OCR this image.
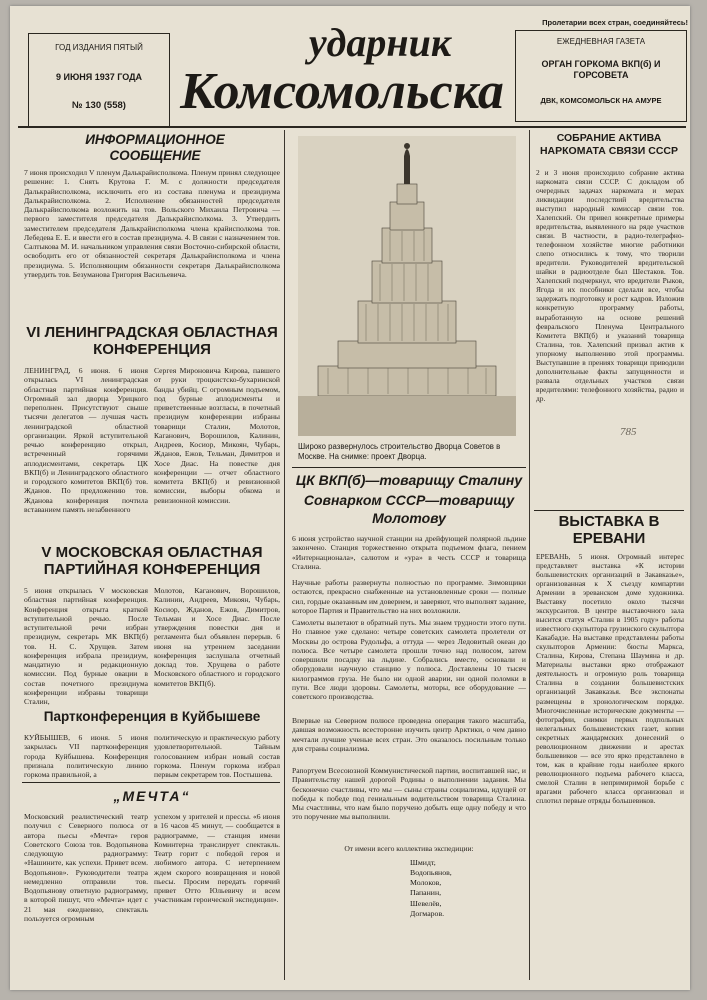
Пролетарии всех стран, соединяйтесь!
ГОД ИЗДАНИЯ ПЯТЫЙ
9 ИЮНЯ 1937 ГОДА
№ 130 (558)
ударник
Комсомольска
ЕЖЕДНЕВНАЯ ГАЗЕТА
ОРГАН ГОРКОМА ВКП(б) И ГОРСОВЕТА
ДВК, КОМСОМОЛЬСК НА АМУРЕ
ИНФОРМАЦИОННОЕ СООБЩЕНИЕ
7 июня происходил V пленум Далькрайисполкома. Пленум принял следующее решение: 1. Снять Крутова Г. М. с должности председателя Далькрайисполкома, исключить его из состава пленума и президиума Далькрайисполкома. 2. Исполнение обязанностей председателя Далькрайисполкома возложить на тов. Вольского Михаила Петровича — первого заместителя председателя Далькрайисполкома. 3. Утвердить заместителем председателя Далькрайисполкома члена крайисполкома тов. Лебедева Е. Е. и ввести его в состав президиума. 4. В связи с назначением тов. Салтыкова М. И. начальником управления связи Восточно-сибирской области, освободить его от обязанностей секретаря Далькрайисполкома и члена президиума. 5. Исполняющим обязанности секретаря Далькрайисполкома утвердить тов. Безуманова Григория Васильевича.
VI ЛЕНИНГРАДСКАЯ ОБЛАСТНАЯ КОНФЕРЕНЦИЯ
ЛЕНИНГРАД, 6 июня. 6 июня открылась VI ленинградская областная партийная конференция. Огромный зал дворца Урицкого переполнен. Присутствуют свыше тысячи делегатов — лучшая часть ленинградской областной организации. Яркой вступительной речью конференцию открыл, встреченный горячими аплодисментами, секретарь ЦК ВКП(б) и Ленинградского областного и городского комитетов ВКП(б) тов. Жданов. По предложению тов. Жданова конференция почтила вставанием память незабвенного
Сергея Мироновича Кирова, павшего от руки троцкистско-бухаринской банды убийц. С огромным подъемом, под бурные аплодисменты и приветственные возгласы, в почетный президиум конференции избраны товарищи Сталин, Молотов, Каганович, Ворошилов, Калинин, Андреев, Косиор, Микоян, Чубарь, Жданов, Ежов, Тельман, Димитров и Хосе Диас. На повестке дня конференции — отчет областного комитета ВКП(б) и ревизионной комиссии, выборы обкома и ревизионной комиссии.
V МОСКОВСКАЯ ОБЛАСТНАЯ ПАРТИЙНАЯ КОНФЕРЕНЦИЯ
5 июня открылась V московская областная партийная конференция. Конференция открыта краткой вступительной речью. После вступительной речи избран президиум, секретарь МК ВКП(б) тов. Н. С. Хрущев. Затем конференция избрала президиум, мандатную и редакционную комиссии. Под бурные овации в состав почетного президиума конференции избраны товарищи Сталин,
Молотов, Каганович, Ворошилов, Калинин, Андреев, Микоян, Чубарь, Косиор, Жданов, Ежов, Димитров, Тельман и Хосе Диас. После утверждения повестки дня и регламента был объявлен перерыв. 6 июня на утреннем заседании конференция заслушала отчетный доклад тов. Хрущева о работе Московского областного и городского комитетов ВКП(б).
Партконференция в Куйбышеве
КУЙБЫШЕВ, 6 июня. 5 июня закрылась VII партконференция города Куйбышева. Конференция признала политическую линию горкома правильной, а
политическую и практическую работу удовлетворительной. Тайным голосованием избран новый состав горкома. Пленум горкома избрал первым секретарем тов. Постышева.
„МЕЧТА“
Московский реалистический театр получил с Северного полюса от автора пьесы «Мечта» героя Советского Союза тов. Водопьянова следующую радиограмму: «Нашините, как успехи. Привет всем. Водопьянов». Руководители театра немедленно отправили тов. Водопьянову ответную радиограмму, в которой пишут, что «Мечта» идет с 21 мая ежедневно, спектакль пользуется огромным
успехом у зрителей и прессы. «6 июня в 16 часов 45 минут, — сообщается в радиограмме, — станция имени Коминтерна транслирует спектакль. Театр горит с победой героя и любимого автора. С нетерпением ждем скорого возвращения и новой пьесы. Просим передать горячий привет Отто Юльевичу и всем участникам героической экспедиции».
Широко развернулось строительство Дворца Советов в Москве. На снимке: проект Дворца.
ЦК ВКП(б)—товарищу Сталину
Совнарком СССР—товарищу Молотову
6 июня устройство научной станции на дрейфующей полярной льдине закончено. Станция торжественно открыта подъемом флага, пением «Интернационала», салютом и «ура» в честь СССР и товарища Сталина.
Научные работы развернуты полностью по программе. Зимовщики остаются, прекрасно снабженные на установленные сроки — полные сил, гордые оказанным им доверием, и заверяют, что выполнят задание, которое Партия и Правительство на них возложили.
Самолеты вылетают в обратный путь. Мы знаем трудности этого пути. Но главное уже сделано: четыре советских самолета пролетели от Москвы до острова Рудольфа, а оттуда — через Ледовитый океан до полюса. Все четыре самолета прошли точно над полюсом, затем совершили посадку на льдине. Собрались вместе, основали и оборудовали научную станцию у полюса. Доставлены 10 тысяч килограммов груза. Не было ни одной аварии, ни одной поломки в пути. Все люди здоровы. Самолеты, моторы, все оборудование — советского производства.
Впервые на Северном полюсе проведена операция такого масштаба, давшая возможность всесторонне изучить центр Арктики, о чем давно мечтали лучшие ученые всех стран. Это оказалось посильным только для страны социализма.
Рапортуем Всесоюзной Коммунистической партии, воспитавшей нас, и Правительству нашей дорогой Родины о выполнении задания. Мы бесконечно счастливы, что мы — сыны страны социализма, идущей от победы к победе под гениальным водительством товарища Сталина. Мы счастливы, что нам было поручено добыть еще одну победу и что это поручение мы выполнили.
От имени всего коллектива экспедиции:
Шмидт,
Водопьянов,
Молоков,
Папанин,
Шевелёв,
Догмаров.
СОБРАНИЕ АКТИВА НАРКОМАТА СВЯЗИ СССР
2 и 3 июня происходило собрание актива наркомата связи СССР. С докладом об очередных задачах наркомата и мерах ликвидации последствий вредительства выступил народный комиссар связи тов. Халепский. Он привел конкретные примеры вредительства, выявленного на ряде участков связи. В частности, в радио-телеграфно-телефонном хозяйстве многие работники слепо относились к тому, что творили вредители. Руководителей вредительской шайки в радиоотделе был Шестаков. Тов. Халепский подчеркнул, что вредители Рыков, Ягода и их пособники сделали все, чтобы задержать подготовку и рост кадров. Изложив конкретную программу работы, выработанную на основе решений февральского Пленума Центрального Комитета ВКП(б) и указаний товарища Сталина, тов. Халепский призвал актив к упорному выполнению этой программы. Выступавшие в прениях товарищи приводили дополнительные факты запущенности и развала отдельных участков связи вредителями: телефонного хозяйства, радио и др.
785
ВЫСТАВКА В ЕРЕВАНИ
ЕРЕВАНЬ, 5 июня. Огромный интерес представляет выставка «К истории большевистских организаций в Закавказье», организованная к X съезду компартии Армении в эреванском доме художника. Выставку посетило около тысячи экскурсантов. В центре выставочного зала высится статуя «Сталин в 1905 году» работы известного скульптора грузинского скульптора Какабадзе. На выставке представлены работы скульпторов Армении: бюсты Маркса, Сталина, Кирова, Степана Шаумяна и др. Материалы выставки ярко отображают деятельность и огромную роль товарища Сталина в создании большевистских организаций Закавказья. Все экспонаты размещены в хронологическом порядке. Многочисленные исторические документы — фотографии, снимки первых подпольных нелегальных большевистских газет, копии секретных жандармских донесений о революционном движении и арестах большевиков — все это ярко представлено в том, как в крайние годы наиболее яркого революционного подъема рабочего класса, смелой Сталин в непримиримой борьбе с врагами рабочего класса организовал и сплотил первые отряды большевиков.
